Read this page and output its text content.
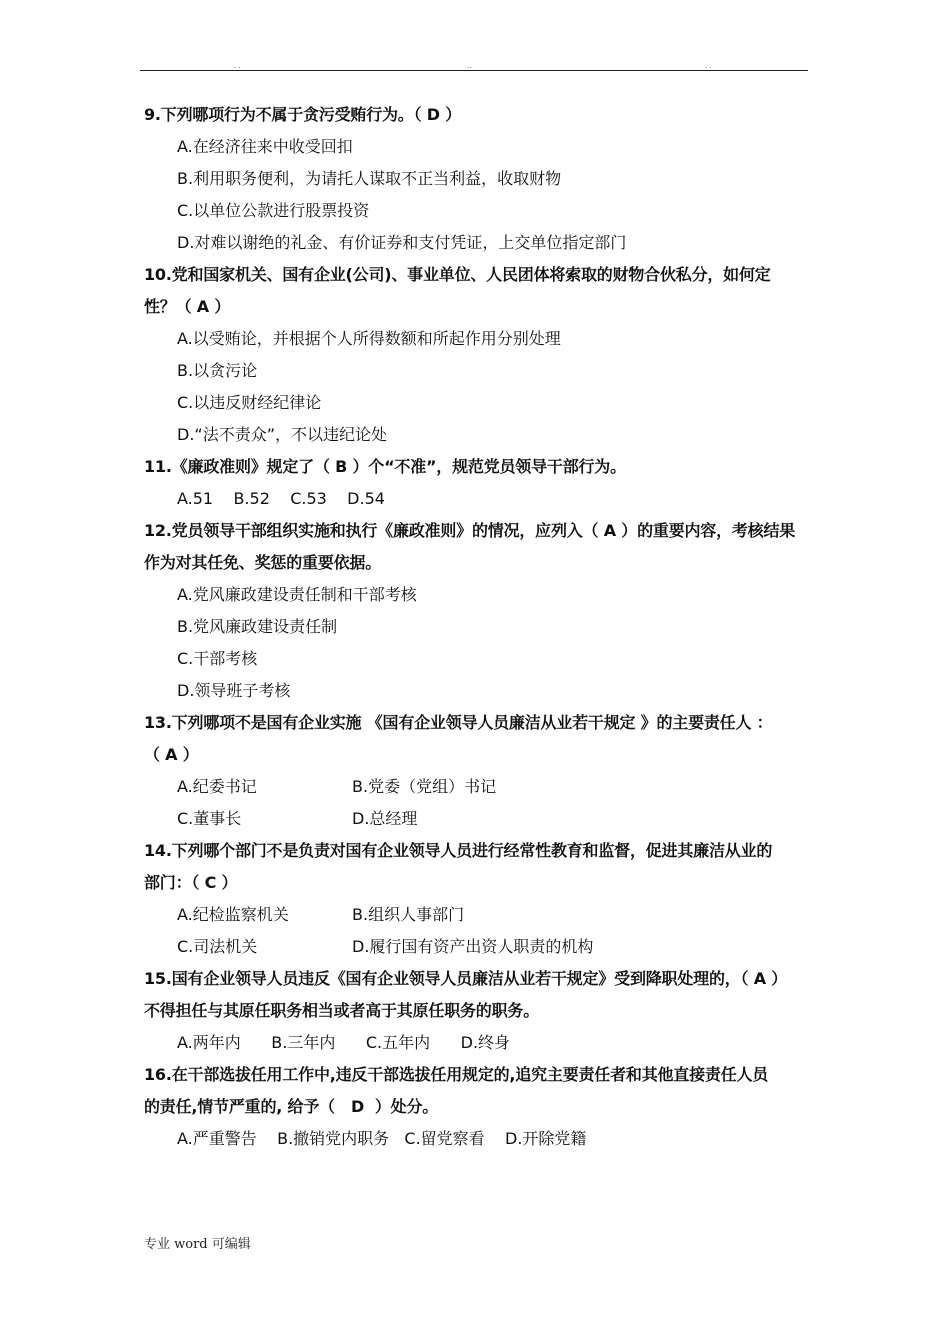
. .	..	. .
9.下列哪项行为不属于贪污受贿行为。（ D ）
A.在经济往来中收受回扣
B.利用职务便利，为请托人谋取不正当利益，收取财物
C.以单位公款进行股票投资
D.对难以谢绝的礼金、有价证券和支付凭证，上交单位指定部门
10.党和国家机关、国有企业(公司)、事业单位、人民团体将索取的财物合伙私分，如何定
性？（ A ）
A.以受贿论，并根据个人所得数额和所起作用分别处理
B.以贪污论
C.以违反财经纪律论
D.“法不责众”，不以违纪论处
11.《廉政准则》规定了（ B ）个“不准”，规范党员领导干部行为。
A.51    B.52    C.53    D.54
12.党员领导干部组织实施和执行《廉政准则》的情况，应列入（ A ）的重要内容，考核结果
作为对其任免、奖惩的重要依据。
A.党风廉政建设责任制和干部考核
B.党风廉政建设责任制
C.干部考核
D.领导班子考核
13.下列哪项不是国有企业实施 《国有企业领导人员廉洁从业若干规定 》的主要责任人 ：
（ A ）
A.纪委书记	B.党委（党组）书记
C.董事长	D.总经理
14.下列哪个部门不是负责对国有企业领导人员进行经常性教育和监督，促进其廉洁从业的
部门：（ C ）
A.纪检监察机关	B.组织人事部门
C.司法机关	D.履行国有资产出资人职责的机构
15.国有企业领导人员违反《国有企业领导人员廉洁从业若干规定》受到降职处理的，（ A ）
不得担任与其原任职务相当或者高于其原任职务的职务。
A.两年内      B.三年内      C.五年内      D.终身
16.在干部选拔任用工作中,违反干部选拔任用规定的,追究主要责任者和其他直接责任人员
的责任,情节严重的, 给予（   D  ）处分。
A.严重警告    B.撤销党内职务   C.留党察看    D.开除党籍
专业 word 可编辑
